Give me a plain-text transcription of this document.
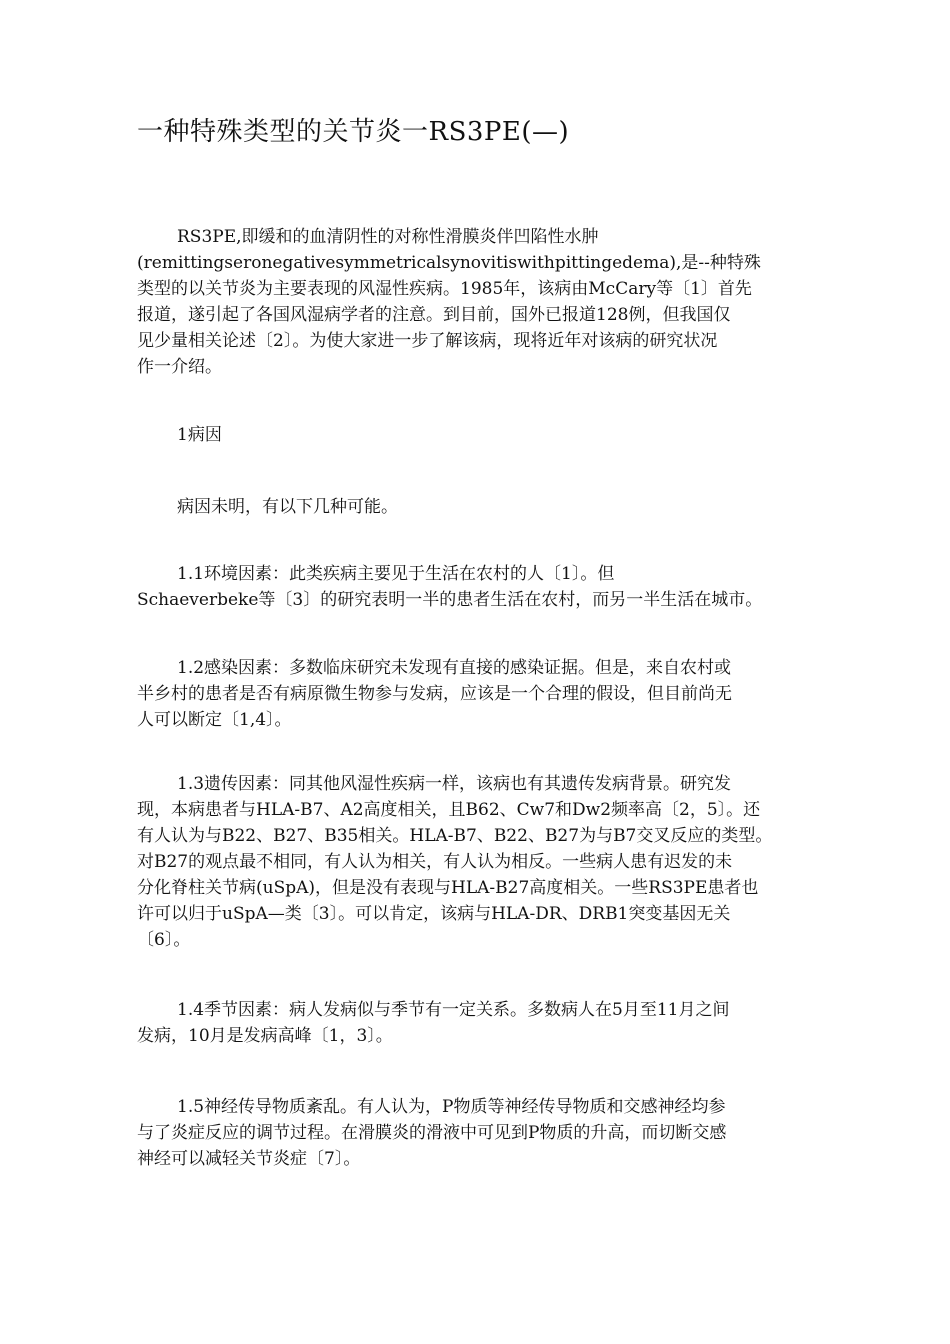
一种特殊类型的关节炎一RS3PE(—)

RS3PE,即缓和的血清阴性的对称性滑膜炎伴凹陷性水肿
(remittingseronegativesymmetricalsynovitiswithpittingedema),是--种特殊
类型的以关节炎为主要表现的风湿性疾病。1985年，该病由McCary等〔1〕首先
报道，遂引起了各国风湿病学者的注意。到目前，国外已报道128例，但我国仅
见少量相关论述〔2〕。为使大家进一步了解该病，现将近年对该病的研究状况
作一介绍。

1病因

病因未明，有以下几种可能。

1.1环境因素：此类疾病主要见于生活在农村的人〔1〕。但
Schaeverbeke等〔3〕的研究表明一半的患者生活在农村，而另一半生活在城市。

1.2感染因素：多数临床研究未发现有直接的感染证据。但是，来自农村或
半乡村的患者是否有病原微生物参与发病，应该是一个合理的假设，但目前尚无
人可以断定〔1,4〕。

1.3遗传因素：同其他风湿性疾病一样，该病也有其遗传发病背景。研究发
现，本病患者与HLA-B7、A2高度相关，且B62、Cw7和Dw2频率高〔2，5〕。还
有人认为与B22、B27、B35相关。HLA-B7、B22、B27为与B7交叉反应的类型。
对B27的观点最不相同，有人认为相关，有人认为相反。一些病人患有迟发的未
分化脊柱关节病(uSpA)，但是没有表现与HLA-B27高度相关。一些RS3PE患者也
许可以归于uSpA—类〔3〕。可以肯定，该病与HLA-DR、DRB1突变基因无关
〔6〕。

1.4季节因素：病人发病似与季节有一定关系。多数病人在5月至11月之间
发病，10月是发病高峰〔1，3〕。

1.5神经传导物质紊乱。有人认为，P物质等神经传导物质和交感神经均参
与了炎症反应的调节过程。在滑膜炎的滑液中可见到P物质的升高，而切断交感
神经可以减轻关节炎症〔7〕。
